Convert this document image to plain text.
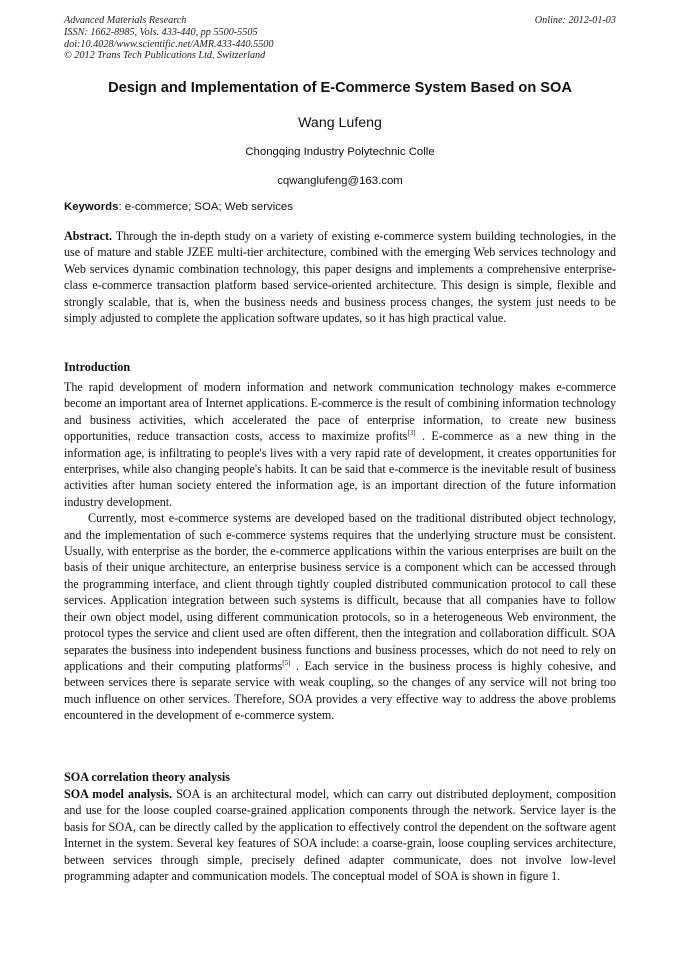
Advanced Materials Research
ISSN: 1662-8985, Vols. 433-440, pp 5500-5505
doi:10.4028/www.scientific.net/AMR.433-440.5500
© 2012 Trans Tech Publications Ltd, Switzerland
Online: 2012-01-03
Design and Implementation of E-Commerce System Based on SOA
Wang Lufeng
Chongqing Industry Polytechnic Colle
cqwanglufeng@163.com
Keywords: e-commerce; SOA; Web services
Abstract. Through the in-depth study on a variety of existing e-commerce system building technologies, in the use of mature and stable JZEE multi-tier architecture, combined with the emerging Web services technology and Web services dynamic combination technology, this paper designs and implements a comprehensive enterprise-class e-commerce transaction platform based service-oriented architecture. This design is simple, flexible and strongly scalable, that is, when the business needs and business process changes, the system just needs to be simply adjusted to complete the application software updates, so it has high practical value.
Introduction

The rapid development of modern information and network communication technology makes e-commerce become an important area of Internet applications. E-commerce is the result of combining information technology and business activities, which accelerated the pace of enterprise information, to create new business opportunities, reduce transaction costs, access to maximize profits[3] . E-commerce as a new thing in the information age, is infiltrating to people's lives with a very rapid rate of development, it creates opportunities for enterprises, while also changing people's habits. It can be said that e-commerce is the inevitable result of business activities after human society entered the information age, is an important direction of the future information industry development.

Currently, most e-commerce systems are developed based on the traditional distributed object technology, and the implementation of such e-commerce systems requires that the underlying structure must be consistent. Usually, with enterprise as the border, the e-commerce applications within the various enterprises are built on the basis of their unique architecture, an enterprise business service is a component which can be accessed through the programming interface, and client through tightly coupled distributed communication protocol to call these services. Application integration between such systems is difficult, because that all companies have to follow their own object model, using different communication protocols, so in a heterogeneous Web environment, the protocol types the service and client used are often different, then the integration and collaboration difficult. SOA separates the business into independent business functions and business processes, which do not need to rely on applications and their computing platforms[5] . Each service in the business process is highly cohesive, and between services there is separate service with weak coupling, so the changes of any service will not bring too much influence on other services. Therefore, SOA provides a very effective way to address the above problems encountered in the development of e-commerce system.

SOA correlation theory analysis
SOA model analysis. SOA is an architectural model, which can carry out distributed deployment, composition and use for the loose coupled coarse-grained application components through the network. Service layer is the basis for SOA, can be directly called by the application to effectively control the dependent on the software agent Internet in the system. Several key features of SOA include: a coarse-grain, loose coupling services architecture, between services through simple, precisely defined adapter communicate, does not involve low-level programming adapter and communication models. The conceptual model of SOA is shown in figure 1.
